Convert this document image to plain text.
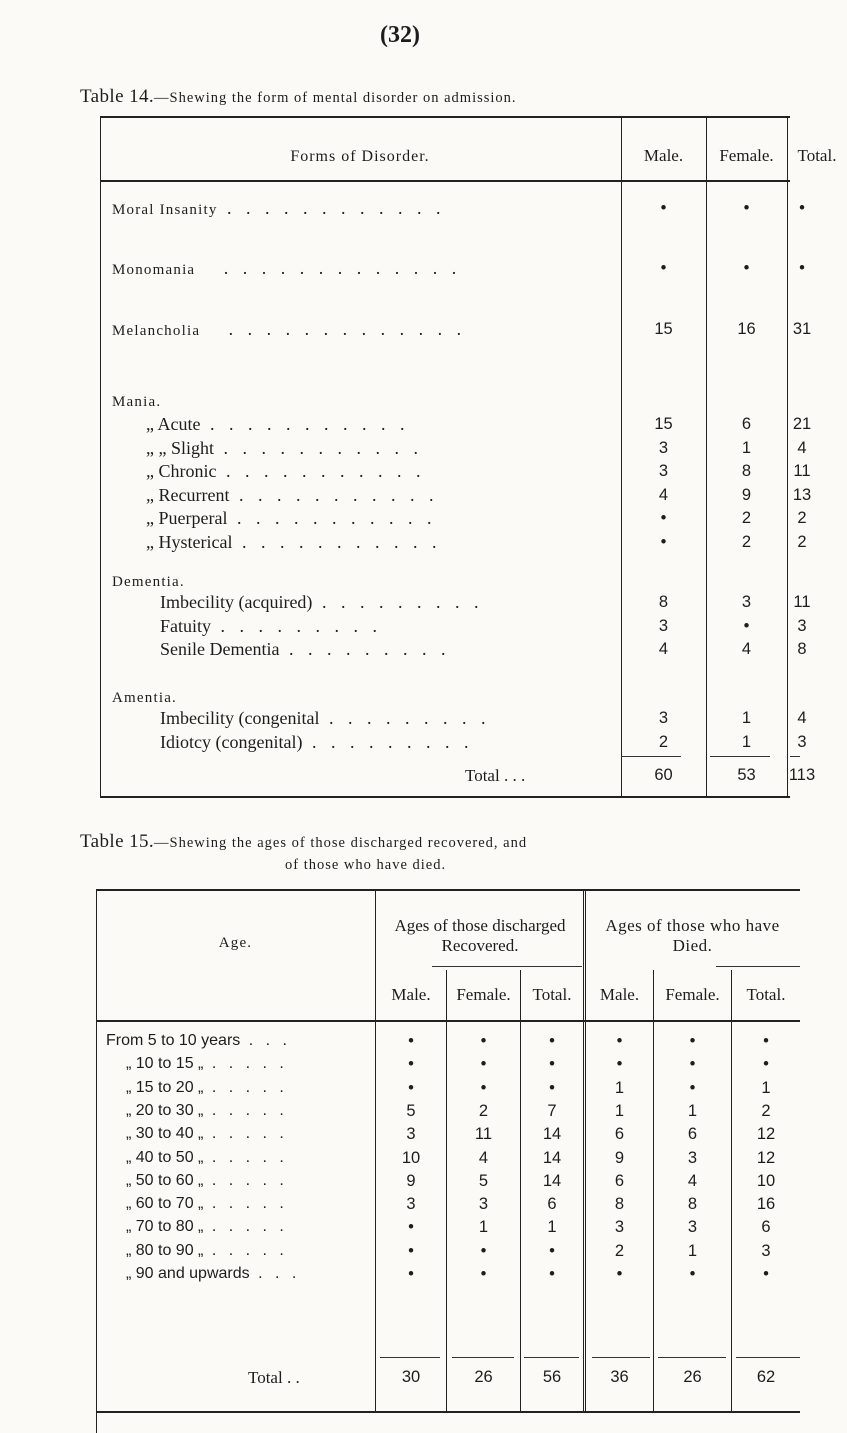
(32)
Table 14.—Shewing the form of mental disorder on admission.
Forms of Disorder.	Male.	Female.	Total.
Moral Insanity . . . . . . . . . . . .	•	•	•
Monomania   . . . . . . . . . . . . .	•	•	•
Melancholia   . . . . . . . . . . . . .	15	16	31
Mania.
„ Acute . . . . . . . . . . .	15	6	21
„ „ Slight . . . . . . . . . . .	3	1	4
„ Chronic . . . . . . . . . . .	3	8	11
„ Recurrent . . . . . . . . . . .	4	9	13
„ Puerperal . . . . . . . . . . .	•	2	2
„ Hysterical . . . . . . . . . . .	•	2	2
Dementia.
Imbecility (acquired) . . . . . . . . .	8	3	11
Fatuity . . . . . . . . .	3	•	3
Senile Dementia . . . . . . . . .	4	4	8
Amentia.
Imbecility (congenital . . . . . . . . .	3	1	4
Idiotcy (congenital) . . . . . . . . .	2	1	3
Total . . .	60	53	113
Table 15.—Shewing the ages of those discharged recovered, and
of those who have died.
Age.
Ages of those discharged Recovered.
Ages of those who have Died.
Male.	Female.	Total.	Male.	Female.	Total.
From 5 to 10 years . . .	•	•	•	•	•	•
„ 10 to 15 „ . . . . .	•	•	•	•	•	•
„ 15 to 20 „ . . . . .	•	•	•	1	•	1
„ 20 to 30 „ . . . . .	5	2	7	1	1	2
„ 30 to 40 „ . . . . .	3	11	14	6	6	12
„ 40 to 50 „ . . . . .	10	4	14	9	3	12
„ 50 to 60 „ . . . . .	9	5	14	6	4	10
„ 60 to 70 „ . . . . .	3	3	6	8	8	16
„ 70 to 80 „ . . . . .	•	1	1	3	3	6
„ 80 to 90 „ . . . . .	•	•	•	2	1	3
„ 90 and upwards . . .	•	•	•	•	•	•
Total . .	30	26	56	36	26	62
